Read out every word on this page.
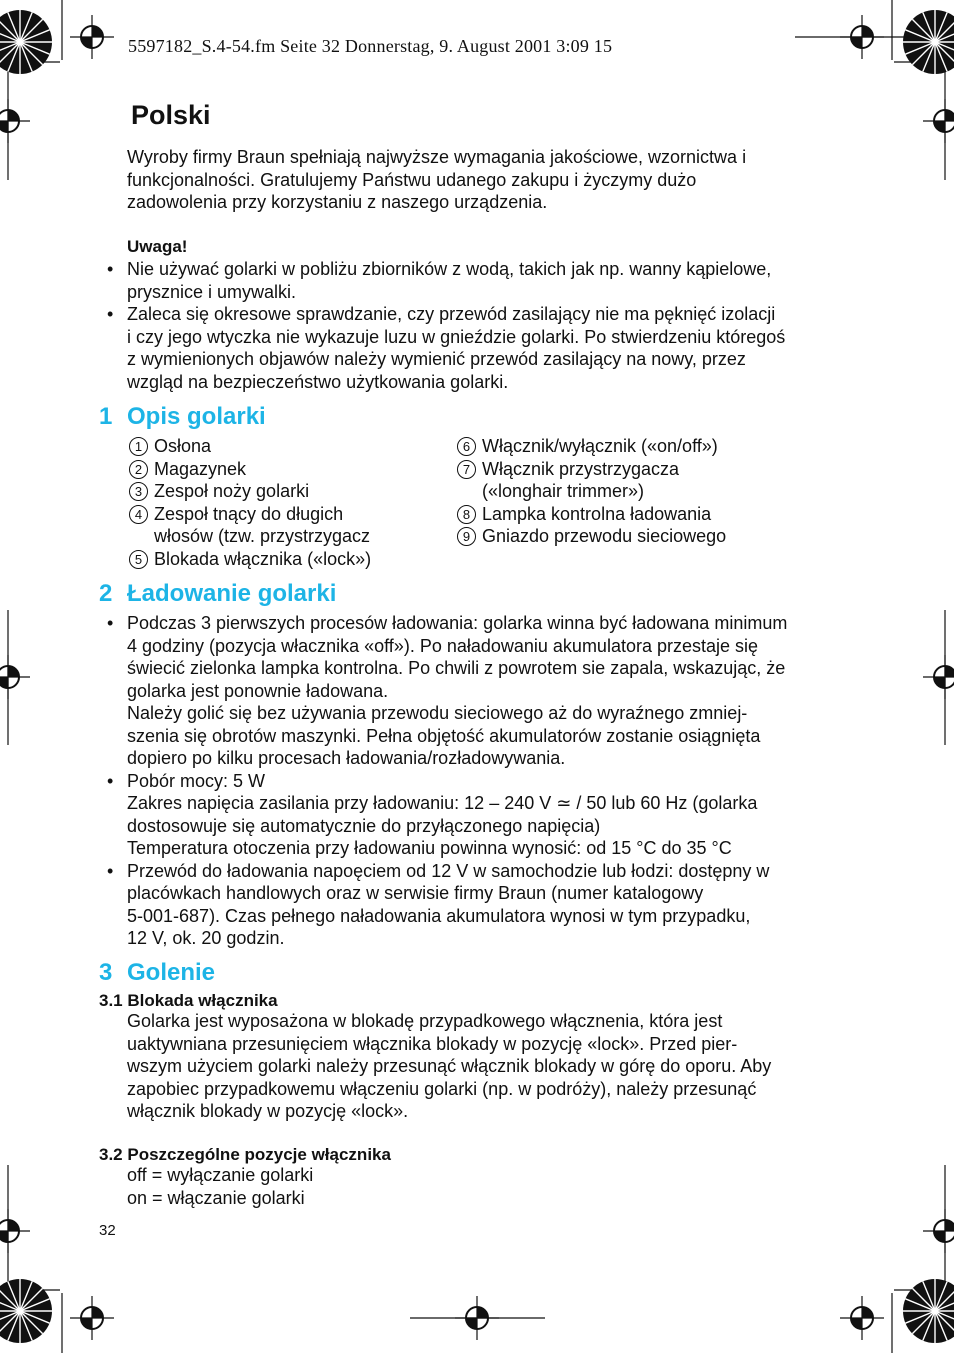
5597182_S.4-54.fm Seite 32 Donnerstag, 9. August 2001 3:09 15
Polski
Wyroby firmy Braun spełniają najwyższe wymagania jakościowe, wzornictwa i
funkcjonalności. Gratulujemy Państwu udanego zakupu i życzymy dużo
zadowolenia przy korzystaniu z naszego urządzenia.
Uwaga!
• Nie używać golarki w pobliżu zbiorników z wodą, takich jak np. wanny kąpielowe,
prysznice i umywalki.
• Zaleca się okresowe sprawdzanie, czy przewód zasilający nie ma pęknięć izolacji
i czy jego wtyczka nie wykazuje luzu w gnieździe golarki. Po stwierdzeniu któregoś
z wymienionych objawów należy wymienić przewód zasilający na nowy, przez
wzgląd na bezpieczeństwo użytkowania golarki.
1 Opis golarki
1 Osłona
2 Magazynek
3 Zespoł noży golarki
4 Zespoł tnący do długich
włosów (tzw. przystrzygacz
5 Blokada włącznika («lock»)
6 Włącznik/wyłącznik («on/off»)
7 Włącznik przystrzygacza
(«longhair trimmer»)
8 Lampka kontrolna ładowania
9 Gniazdo przewodu sieciowego
2 Ładowanie golarki
• Podczas 3 pierwszych procesów ładowania: golarka winna być ładowana minimum
4 godziny (pozycja włacznika «off»). Po naładowaniu akumulatora przestaje się
świecić zielonka lampka kontrolna. Po chwili z powrotem sie zapala, wskazując, że
golarka jest ponownie ładowana.
Należy golić się bez używania przewodu sieciowego aż do wyraźnego zmniej-
szenia się obrotów maszynki. Pełna objętość akumulatorów zostanie osiągnięta
dopiero po kilku procesach ładowania/rozładowywania.
• Pobór mocy: 5 W
Zakres napięcia zasilania przy ładowaniu: 12 – 240 V ≃ / 50 lub 60 Hz (golarka
dostosowuje się automatycznie do przyłączonego napięcia)
Temperatura otoczenia przy ładowaniu powinna wynosić: od 15 °C do 35 °C
• Przewód do ładowania napoęciem od 12 V w samochodzie lub łodzi: dostępny w
placówkach handlowych oraz w serwisie firmy Braun (numer katalogowy
5-001-687). Czas pełnego naładowania akumulatora wynosi w tym przypadku,
12 V, ok. 20 godzin.
3 Golenie
3.1 Blokada włącznika
Golarka jest wyposażona w blokadę przypadkowego włącznenia, która jest
uaktywniana przesunięciem włącznika blokady w pozycję «lock». Przed pier-
wszym użyciem golarki należy przesunąć włącznik blokady w górę do oporu. Aby
zapobiec przypadkowemu włączeniu golarki (np. w podróży), należy przesunąć
włącznik blokady w pozycję «lock».
3.2 Poszczególne pozycje włącznika
off = wyłączanie golarki
on = włączanie golarki
32
